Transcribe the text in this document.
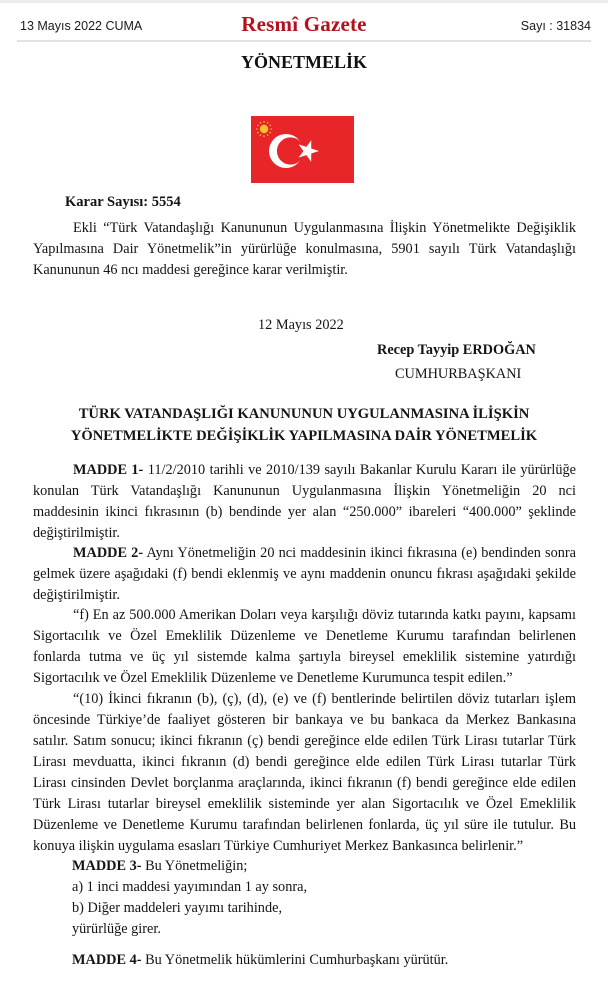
13 Mayıs 2022 CUMA	Resmî Gazete	Sayı : 31834
YÖNETMELİK
Karar Sayısı: 5554

Ekli “Türk Vatandaşlığı Kanununun Uygulanmasına İlişkin Yönetmelikte Değişiklik Yapılmasına Dair Yönetmelik”in yürürlüğe konulmasına, 5901 sayılı Türk Vatandaşlığı Kanununun 46 ncı maddesi gereğince karar verilmiştir.

12 Mayıs 2022
Recep Tayyip ERDOĞAN
CUMHURBAŞKANI
TÜRK VATANDAŞLIĞI KANUNUNUN UYGULANMASINA İLİŞKİN
YÖNETMELİKTE DEĞİŞİKLİK YAPILMASINA DAİR YÖNETMELİK

MADDE 1- 11/2/2010 tarihli ve 2010/139 sayılı Bakanlar Kurulu Kararı ile yürürlüğe konulan Türk Vatandaşlığı Kanununun Uygulanmasına İlişkin Yönetmeliğin 20 nci maddesinin ikinci fıkrasının (b) bendinde yer alan “250.000” ibareleri “400.000” şeklinde değiştirilmiştir.

MADDE 2- Aynı Yönetmeliğin 20 nci maddesinin ikinci fıkrasına (e) bendinden sonra gelmek üzere aşağıdaki (f) bendi eklenmiş ve aynı maddenin onuncu fıkrası aşağıdaki şekilde değiştirilmiştir.

“f) En az 500.000 Amerikan Doları veya karşılığı döviz tutarında katkı payını, kapsamı Sigortacılık ve Özel Emeklilik Düzenleme ve Denetleme Kurumu tarafından belirlenen fonlarda tutma ve üç yıl sistemde kalma şartıyla bireysel emeklilik sistemine yatırdığı Sigortacılık ve Özel Emeklilik Düzenleme ve Denetleme Kurumunca tespit edilen.”

“(10) İkinci fıkranın (b), (ç), (d), (e) ve (f) bentlerinde belirtilen döviz tutarları işlem öncesinde Türkiye’de faaliyet gösteren bir bankaya ve bu bankaca da Merkez Bankasına satılır. Satım sonucu; ikinci fıkranın (ç) bendi gereğince elde edilen Türk Lirası tutarlar Türk Lirası mevduatta, ikinci fıkranın (d) bendi gereğince elde edilen Türk Lirası tutarlar Türk Lirası cinsinden Devlet borçlanma araçlarında, ikinci fıkranın (f) bendi gereğince elde edilen Türk Lirası tutarlar bireysel emeklilik sisteminde yer alan Sigortacılık ve Özel Emeklilik Düzenleme ve Denetleme Kurumu tarafından belirlenen fonlarda, üç yıl süre ile tutulur. Bu konuya ilişkin uygulama esasları Türkiye Cumhuriyet Merkez Bankasınca belirlenir.”

MADDE 3- Bu Yönetmeliğin;
a) 1 inci maddesi yayımından 1 ay sonra,
b) Diğer maddeleri yayımı tarihinde,
yürürlüğe girer.
MADDE 4- Bu Yönetmelik hükümlerini Cumhurbaşkanı yürütür.
